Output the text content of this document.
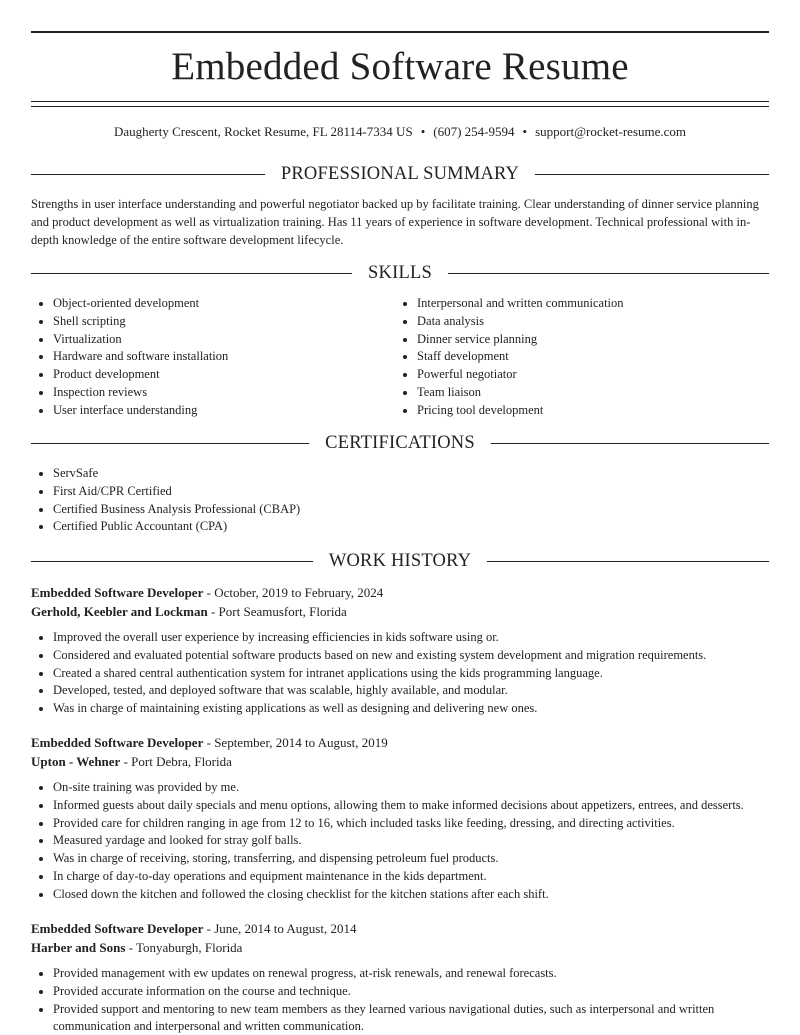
Embedded Software Resume
Daugherty Crescent, Rocket Resume, FL 28114-7334 US • (607) 254-9594 • support@rocket-resume.com
PROFESSIONAL SUMMARY

Strengths in user interface understanding and powerful negotiator backed up by facilitate training. Clear understanding of dinner service planning and product development as well as virtualization training. Has 11 years of experience in software development. Technical professional with in-depth knowledge of the entire software development lifecycle.

SKILLS
Object-oriented development
Shell scripting
Virtualization
Hardware and software installation
Product development
Inspection reviews
User interface understanding
Interpersonal and written communication
Data analysis
Dinner service planning
Staff development
Powerful negotiator
Team liaison
Pricing tool development
CERTIFICATIONS
ServSafe
First Aid/CPR Certified
Certified Business Analysis Professional (CBAP)
Certified Public Accountant (CPA)
WORK HISTORY
Embedded Software Developer - October, 2019 to February, 2024
Gerhold, Keebler and Lockman - Port Seamusfort, Florida
Improved the overall user experience by increasing efficiencies in kids software using or.
Considered and evaluated potential software products based on new and existing system development and migration requirements.
Created a shared central authentication system for intranet applications using the kids programming language.
Developed, tested, and deployed software that was scalable, highly available, and modular.
Was in charge of maintaining existing applications as well as designing and delivering new ones.
Embedded Software Developer - September, 2014 to August, 2019
Upton - Wehner - Port Debra, Florida
On-site training was provided by me.
Informed guests about daily specials and menu options, allowing them to make informed decisions about appetizers, entrees, and desserts.
Provided care for children ranging in age from 12 to 16, which included tasks like feeding, dressing, and directing activities.
Measured yardage and looked for stray golf balls.
Was in charge of receiving, storing, transferring, and dispensing petroleum fuel products.
In charge of day-to-day operations and equipment maintenance in the kids department.
Closed down the kitchen and followed the closing checklist for the kitchen stations after each shift.
Embedded Software Developer - June, 2014 to August, 2014
Harber and Sons - Tonyaburgh, Florida
Provided management with ew updates on renewal progress, at-risk renewals, and renewal forecasts.
Provided accurate information on the course and technique.
Provided support and mentoring to new team members as they learned various navigational duties, such as interpersonal and written communication and interpersonal and written communication.
